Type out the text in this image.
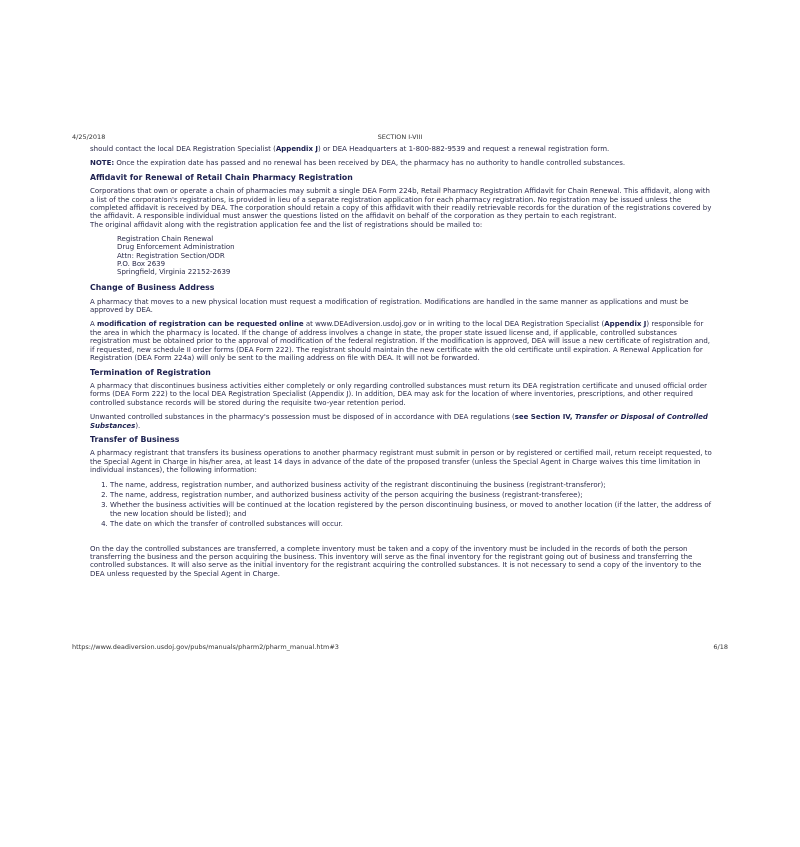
4/25/2018	SECTION I-VIII

should contact the local DEA Registration Specialist (Appendix J) or DEA Headquarters at 1-800-882-9539 and request a renewal registration form.

NOTE: Once the expiration date has passed and no renewal has been received by DEA, the pharmacy has no authority to handle controlled substances.

Affidavit for Renewal of Retail Chain Pharmacy Registration

Corporations that own or operate a chain of pharmacies may submit a single DEA Form 224b, Retail Pharmacy Registration Affidavit for Chain Renewal. This affidavit, along with a list of the corporation's registrations, is provided in lieu of a separate registration application for each pharmacy registration. No registration may be issued unless the completed affidavit is received by DEA. The corporation should retain a copy of this affidavit with their readily retrievable records for the duration of the registrations covered by the affidavit. A responsible individual must answer the questions listed on the affidavit on behalf of the corporation as they pertain to each registrant.

The original affidavit along with the registration application fee and the list of registrations should be mailed to:

Registration Chain Renewal
Drug Enforcement Administration
Attn: Registration Section/ODR
P.O. Box 2639
Springfield, Virginia 22152-2639
Change of Business Address

A pharmacy that moves to a new physical location must request a modification of registration. Modifications are handled in the same manner as applications and must be approved by DEA.

A modification of registration can be requested online at www.DEAdiversion.usdoj.gov or in writing to the local DEA Registration Specialist (Appendix J) responsible for the area in which the pharmacy is located. If the change of address involves a change in state, the proper state issued license and, if applicable, controlled substances registration must be obtained prior to the approval of modification of the federal registration. If the modification is approved, DEA will issue a new certificate of registration and, if requested, new schedule II order forms (DEA Form 222). The registrant should maintain the new certificate with the old certificate until expiration. A Renewal Application for Registration (DEA Form 224a) will only be sent to the mailing address on file with DEA. It will not be forwarded.

Termination of Registration

A pharmacy that discontinues business activities either completely or only regarding controlled substances must return its DEA registration certificate and unused official order forms (DEA Form 222) to the local DEA Registration Specialist (Appendix J). In addition, DEA may ask for the location of where inventories, prescriptions, and other required controlled substance records will be stored during the requisite two-year retention period.

Unwanted controlled substances in the pharmacy's possession must be disposed of in accordance with DEA regulations (see Section IV, Transfer or Disposal of Controlled Substances).

Transfer of Business

A pharmacy registrant that transfers its business operations to another pharmacy registrant must submit in person or by registered or certified mail, return receipt requested, to the Special Agent in Charge in his/her area, at least 14 days in advance of the date of the proposed transfer (unless the Special Agent in Charge waives this time limitation in individual instances), the following information:

1. The name, address, registration number, and authorized business activity of the registrant discontinuing the business (registrant-transferor);
2. The name, address, registration number, and authorized business activity of the person acquiring the business (registrant-transferee);
3. Whether the business activities will be continued at the location registered by the person discontinuing business, or moved to another location (if the latter, the address of the new location should be listed); and
4. The date on which the transfer of controlled substances will occur.

On the day the controlled substances are transferred, a complete inventory must be taken and a copy of the inventory must be included in the records of both the person transferring the business and the person acquiring the business. This inventory will serve as the final inventory for the registrant going out of business and transferring the controlled substances. It will also serve as the initial inventory for the registrant acquiring the controlled substances. It is not necessary to send a copy of the inventory to the DEA unless requested by the Special Agent in Charge.

https://www.deadiversion.usdoj.gov/pubs/manuals/pharm2/pharm_manual.htm#3	6/18
